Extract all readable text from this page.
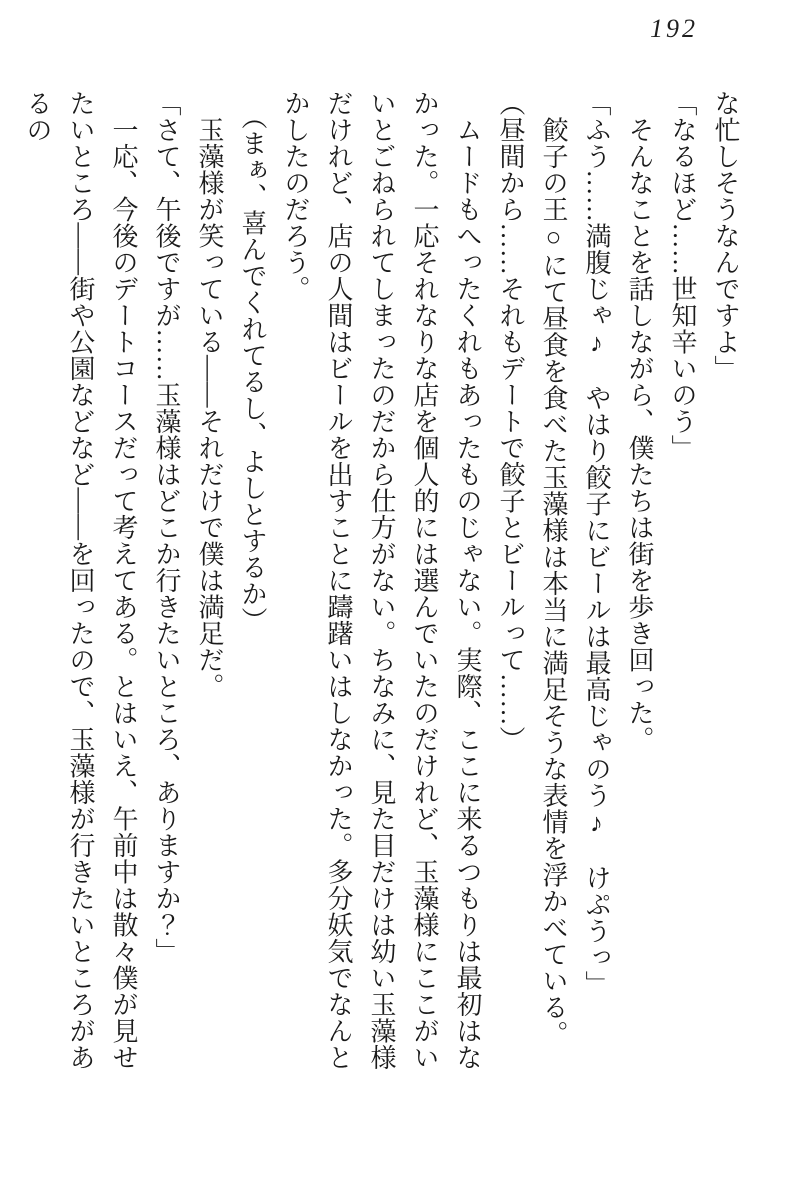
192

な忙しそうなんですよ」

「なるほど……世知辛いのう」

　そんなことを話しながら、僕たちは街を歩き回った。

「ふう……満腹じゃ♪　やはり餃子にビールは最高じゃのう♪　けぷうっ」

　餃子の王○にて昼食を食べた玉藻様は本当に満足そうな表情を浮かべている。

（昼間から……それもデートで餃子とビールって……）

　ムードもへったくれもあったものじゃない。実際、ここに来るつもりは最初はなかった。一応それなりな店を個人的には選んでいたのだけれど、玉藻様にここがいいとごねられてしまったのだから仕方がない。ちなみに、見た目だけは幼い玉藻様だけれど、店の人間はビールを出すことに躊躇いはしなかった。多分妖気でなんとかしたのだろう。

　（まぁ、喜んでくれてるし、よしとするか）

　玉藻様が笑っている――それだけで僕は満足だ。

「さて、午後ですが……玉藻様はどこか行きたいところ、ありますか？」

　一応、今後のデートコースだって考えてある。とはいえ、午前中は散々僕が見せたいところ――街や公園などなど――を回ったので、玉藻様が行きたいところがあるの
